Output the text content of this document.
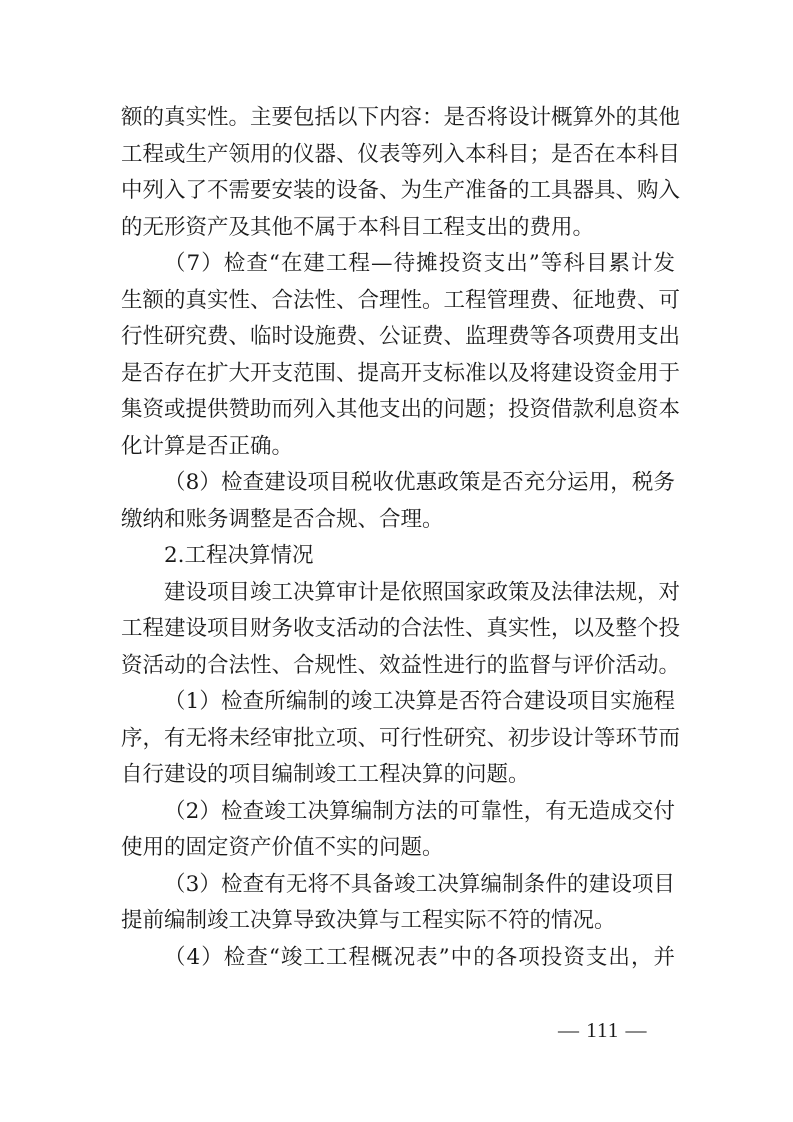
额的真实性。主要包括以下内容：是否将设计概算外的其他
工程或生产领用的仪器、仪表等列入本科目；是否在本科目
中列入了不需要安装的设备、为生产准备的工具器具、购入
的无形资产及其他不属于本科目工程支出的费用。
（7）检查“在建工程—待摊投资支出”等科目累计发
生额的真实性、合法性、合理性。工程管理费、征地费、可
行性研究费、临时设施费、公证费、监理费等各项费用支出
是否存在扩大开支范围、提高开支标准以及将建设资金用于
集资或提供赞助而列入其他支出的问题；投资借款利息资本
化计算是否正确。
（8）检查建设项目税收优惠政策是否充分运用，税务
缴纳和账务调整是否合规、合理。
2.工程决算情况
建设项目竣工决算审计是依照国家政策及法律法规，对
工程建设项目财务收支活动的合法性、真实性，以及整个投
资活动的合法性、合规性、效益性进行的监督与评价活动。
（1）检查所编制的竣工决算是否符合建设项目实施程
序，有无将未经审批立项、可行性研究、初步设计等环节而
自行建设的项目编制竣工工程决算的问题。
（2）检查竣工决算编制方法的可靠性，有无造成交付
使用的固定资产价值不实的问题。
（3）检查有无将不具备竣工决算编制条件的建设项目
提前编制竣工决算导致决算与工程实际不符的情况。
（4）检查“竣工工程概况表”中的各项投资支出，并
— 111 —
